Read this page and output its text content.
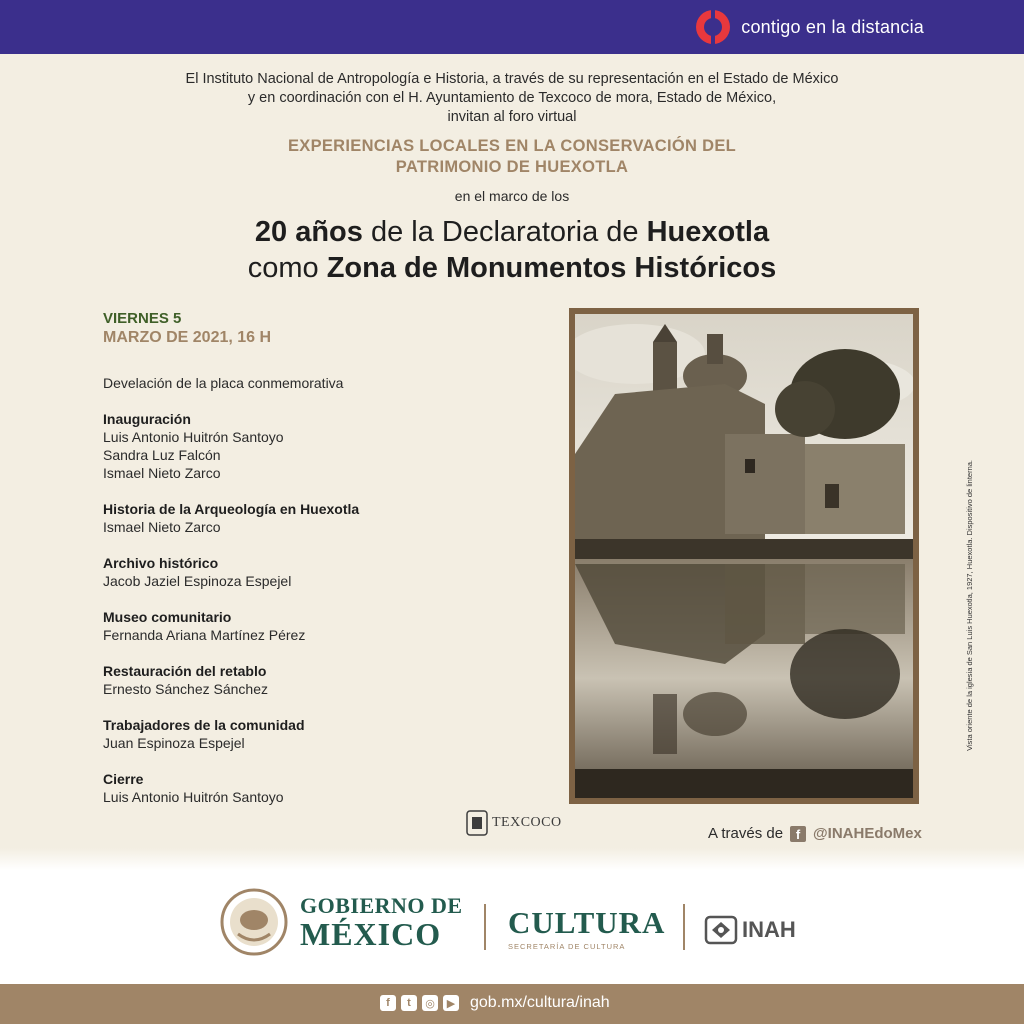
contigo en la distancia
El Instituto Nacional de Antropología e Historia, a través de su representación en el Estado de México
y en coordinación con el H. Ayuntamiento de Texcoco de mora, Estado de México,
invitan al foro virtual
EXPERIENCIAS LOCALES EN LA CONSERVACIÓN DEL
PATRIMONIO DE HUEXOTLA
en el marco de los
20 años de la Declaratoria de Huexotla
como Zona de Monumentos Históricos
VIERNES 5
MARZO DE 2021, 16 H
Develación de la placa conmemorativa
Inauguración
Luis Antonio Huitrón Santoyo
Sandra Luz Falcón
Ismael Nieto Zarco
Historia de la Arqueología en Huexotla
Ismael Nieto Zarco
Archivo histórico
Jacob Jaziel Espinoza Espejel
Museo comunitario
Fernanda Ariana Martínez Pérez
Restauración del retablo
Ernesto Sánchez Sánchez
Trabajadores de la comunidad
Juan Espinoza Espejel
Cierre
Luis Antonio Huitrón Santoyo
Vista oriente de la iglesia de San Luis Huexotla, 1927, Huexotla. Dispositivo de linterna.
TEXCOCO
A través de f @INAHEdoMex
GOBIERNO DE
MÉXICO	CULTURA
SECRETARÍA DE CULTURA
INAH
f	t	◎	▶ gob.mx/cultura/inah
